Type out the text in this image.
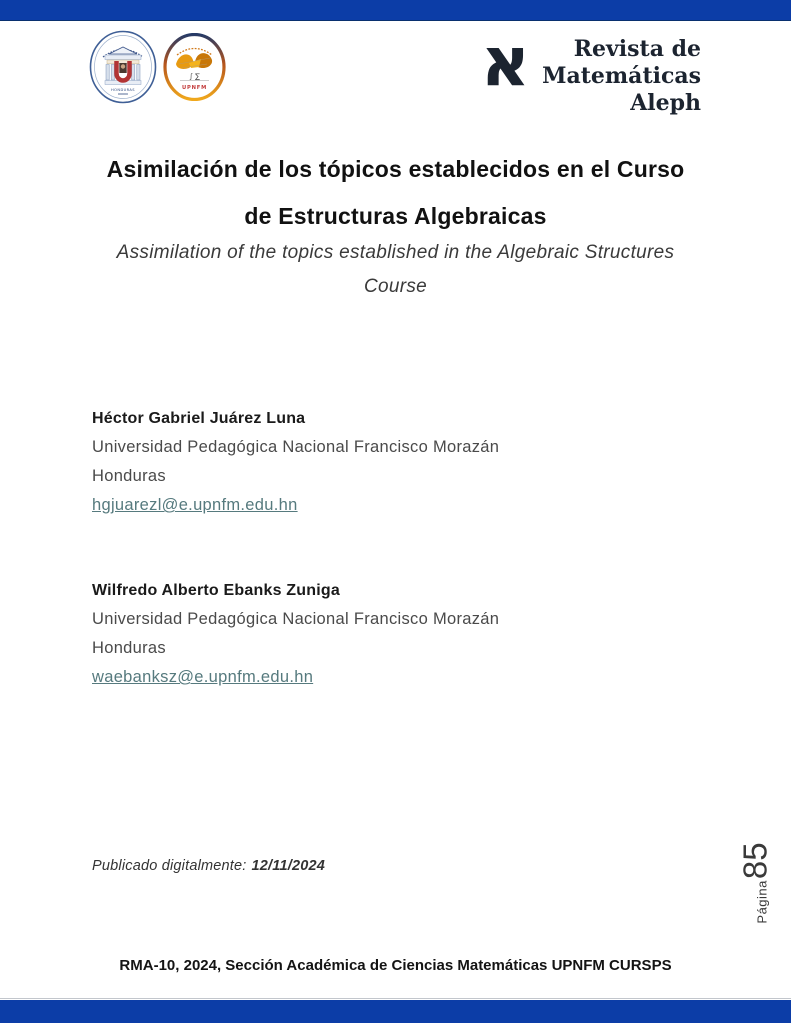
HONDURAS
∫ ∑
UPNFM	א	Revista de
Matemáticas
Aleph
Asimilación de los tópicos establecidos en el Curso
de Estructuras Algebraicas
Assimilation of the topics established in the Algebraic Structures
Course

Héctor Gabriel Juárez Luna

Universidad Pedagógica Nacional Francisco Morazán

Honduras

hgjuarezl@e.upnfm.edu.hn

Wilfredo Alberto Ebanks Zuniga

Universidad Pedagógica Nacional Francisco Morazán

Honduras

waebanksz@e.upnfm.edu.hn

Publicado digitalmente: 12/11/2024
Página
85
RMA-10, 2024, Sección Académica de Ciencias Matemáticas UPNFM CURSPS
